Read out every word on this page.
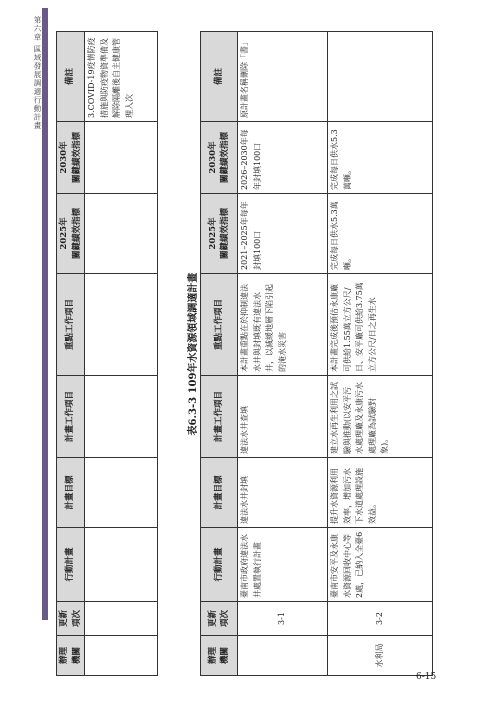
第六章 區域發展調適行動計畫
辦理
機關	更新
項次	行動計畫	計畫目標	計畫工作項目	重點工作項目	2025年
關鍵績效指標	2030年
關鍵績效指標	備註
								3.COVID-19疫情防疫措施與防疫物資準備及解除隔離後自主健康管理人次
表6.3-3 109年水資源領域調適計畫
辦理
機關	更新
項次	行動計畫	計畫目標	計畫工作項目	重點工作項目	2025年
關鍵績效指標	2030年
關鍵績效指標	備註
	3-1	臺南市政府違法水井處置執行計畫	違法水井封填	違法水井查填	本計畫重點在於抑制違法水井與封填既有違法水井，以減緩地層下陷引起的淹水災害	2021–2025年每年封填100口	2026–2030年每年封填100口	原計畫名稱刪除「書」
水利局	3-2	臺南市安平及永康水資源回收中心等2處，已納入全臺6	提升水資源利用效率，增加污水下水道處理設施效益。	建立水再生利用之試驗與推動(以安平污水處理廠及永康污水處理廠為試驗對象)。	本計畫完成後預估永康廠可供給1.55萬立方公尺/日、安平廠可供給3.75萬立方公尺/日之再生水	完成每日供水5.3萬噸。	完成每日供水5.3萬噸。	
6-15
